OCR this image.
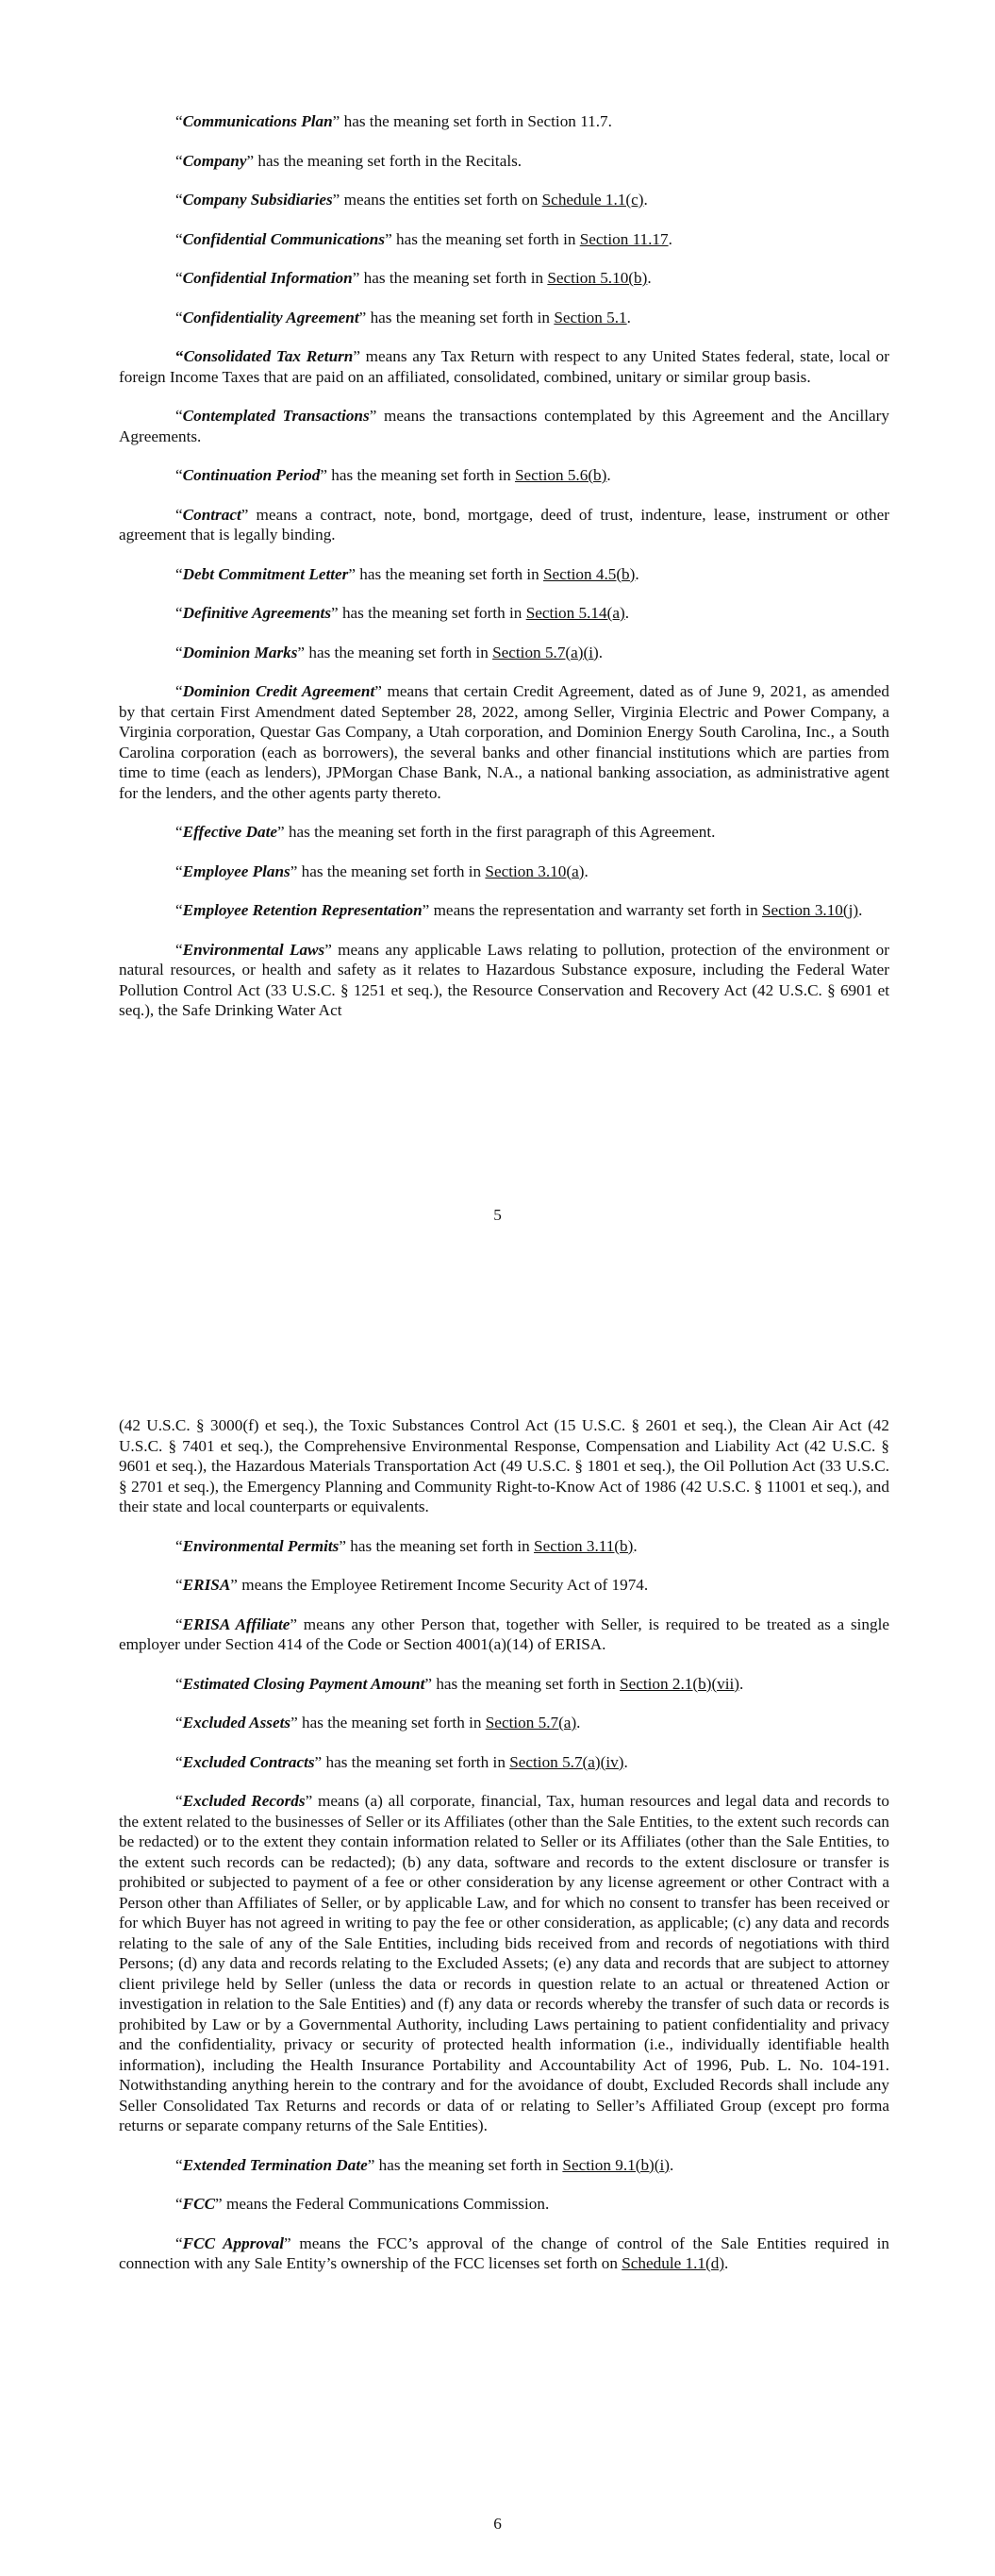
“Communications Plan” has the meaning set forth in Section 11.7.

“Company” has the meaning set forth in the Recitals.

“Company Subsidiaries” means the entities set forth on Schedule 1.1(c).

“Confidential Communications” has the meaning set forth in Section 11.17.

“Confidential Information” has the meaning set forth in Section 5.10(b).

“Confidentiality Agreement” has the meaning set forth in Section 5.1.

“Consolidated Tax Return” means any Tax Return with respect to any United States federal, state, local or foreign Income Taxes that are paid on an affiliated, consolidated, combined, unitary or similar group basis.

“Contemplated Transactions” means the transactions contemplated by this Agreement and the Ancillary Agreements.

“Continuation Period” has the meaning set forth in Section 5.6(b).

“Contract” means a contract, note, bond, mortgage, deed of trust, indenture, lease, instrument or other agreement that is legally binding.

“Debt Commitment Letter” has the meaning set forth in Section 4.5(b).

“Definitive Agreements” has the meaning set forth in Section 5.14(a).

“Dominion Marks” has the meaning set forth in Section 5.7(a)(i).

“Dominion Credit Agreement” means that certain Credit Agreement, dated as of June 9, 2021, as amended by that certain First Amendment dated September 28, 2022, among Seller, Virginia Electric and Power Company, a Virginia corporation, Questar Gas Company, a Utah corporation, and Dominion Energy South Carolina, Inc., a South Carolina corporation (each as borrowers), the several banks and other financial institutions which are parties from time to time (each as lenders), JPMorgan Chase Bank, N.A., a national banking association, as administrative agent for the lenders, and the other agents party thereto.

“Effective Date” has the meaning set forth in the first paragraph of this Agreement.

“Employee Plans” has the meaning set forth in Section 3.10(a).

“Employee Retention Representation” means the representation and warranty set forth in Section 3.10(j).

“Environmental Laws” means any applicable Laws relating to pollution, protection of the environment or natural resources, or health and safety as it relates to Hazardous Substance exposure, including the Federal Water Pollution Control Act (33 U.S.C. § 1251 et seq.), the Resource Conservation and Recovery Act (42 U.S.C. § 6901 et seq.), the Safe Drinking Water Act

5

(42 U.S.C. § 3000(f) et seq.), the Toxic Substances Control Act (15 U.S.C. § 2601 et seq.), the Clean Air Act (42 U.S.C. § 7401 et seq.), the Comprehensive Environmental Response, Compensation and Liability Act (42 U.S.C. § 9601 et seq.), the Hazardous Materials Transportation Act (49 U.S.C. § 1801 et seq.), the Oil Pollution Act (33 U.S.C. § 2701 et seq.), the Emergency Planning and Community Right-to-Know Act of 1986 (42 U.S.C. § 11001 et seq.), and their state and local counterparts or equivalents.

“Environmental Permits” has the meaning set forth in Section 3.11(b).

“ERISA” means the Employee Retirement Income Security Act of 1974.

“ERISA Affiliate” means any other Person that, together with Seller, is required to be treated as a single employer under Section 414 of the Code or Section 4001(a)(14) of ERISA.

“Estimated Closing Payment Amount” has the meaning set forth in Section 2.1(b)(vii).

“Excluded Assets” has the meaning set forth in Section 5.7(a).

“Excluded Contracts” has the meaning set forth in Section 5.7(a)(iv).

“Excluded Records” means (a) all corporate, financial, Tax, human resources and legal data and records to the extent related to the businesses of Seller or its Affiliates (other than the Sale Entities, to the extent such records can be redacted) or to the extent they contain information related to Seller or its Affiliates (other than the Sale Entities, to the extent such records can be redacted); (b) any data, software and records to the extent disclosure or transfer is prohibited or subjected to payment of a fee or other consideration by any license agreement or other Contract with a Person other than Affiliates of Seller, or by applicable Law, and for which no consent to transfer has been received or for which Buyer has not agreed in writing to pay the fee or other consideration, as applicable; (c) any data and records relating to the sale of any of the Sale Entities, including bids received from and records of negotiations with third Persons; (d) any data and records relating to the Excluded Assets; (e) any data and records that are subject to attorney client privilege held by Seller (unless the data or records in question relate to an actual or threatened Action or investigation in relation to the Sale Entities) and (f) any data or records whereby the transfer of such data or records is prohibited by Law or by a Governmental Authority, including Laws pertaining to patient confidentiality and privacy and the confidentiality, privacy or security of protected health information (i.e., individually identifiable health information), including the Health Insurance Portability and Accountability Act of 1996, Pub. L. No. 104-191. Notwithstanding anything herein to the contrary and for the avoidance of doubt, Excluded Records shall include any Seller Consolidated Tax Returns and records or data of or relating to Seller’s Affiliated Group (except pro forma returns or separate company returns of the Sale Entities).

“Extended Termination Date” has the meaning set forth in Section 9.1(b)(i).

“FCC” means the Federal Communications Commission.

“FCC Approval” means the FCC’s approval of the change of control of the Sale Entities required in connection with any Sale Entity’s ownership of the FCC licenses set forth on Schedule 1.1(d).

6
